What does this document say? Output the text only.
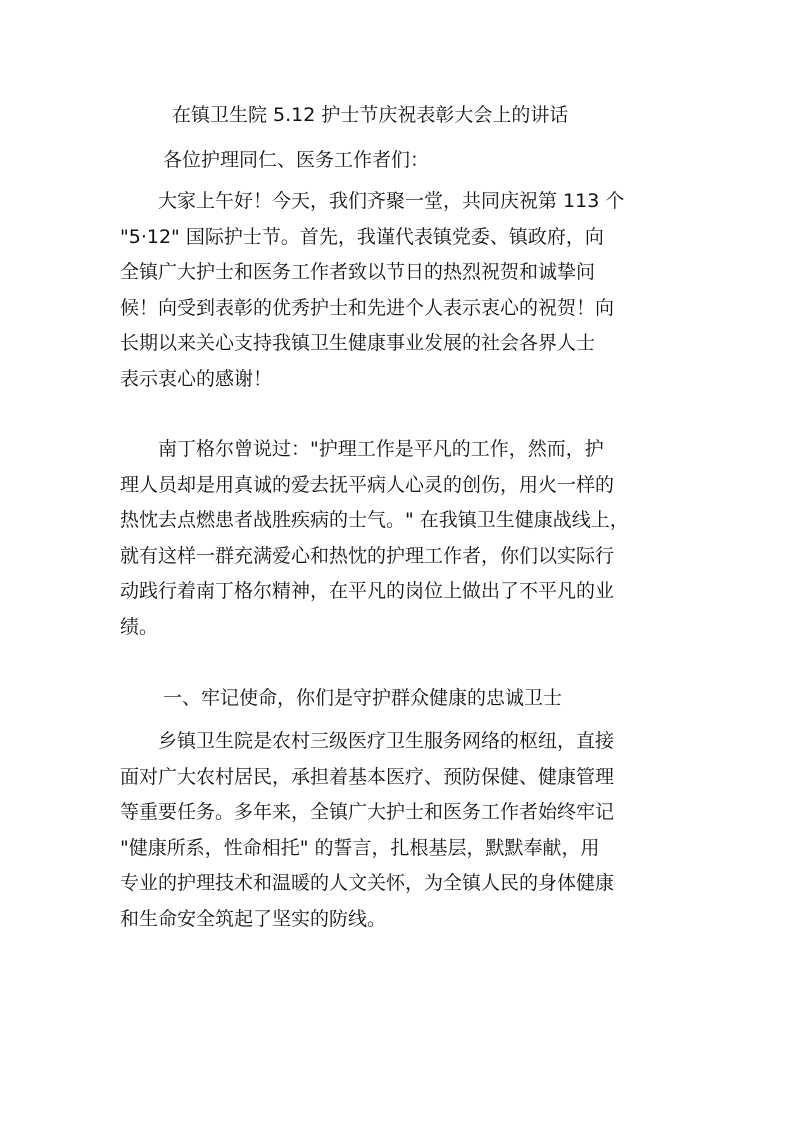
在镇卫生院 5.12 护士节庆祝表彰大会上的讲话
各位护理同仁、医务工作者们：
　　大家上午好！今天，我们齐聚一堂，共同庆祝第 113 个
"5·12" 国际护士节。首先，我谨代表镇党委、镇政府，向
全镇广大护士和医务工作者致以节日的热烈祝贺和诚挚问
候！向受到表彰的优秀护士和先进个人表示衷心的祝贺！向
长期以来关心支持我镇卫生健康事业发展的社会各界人士
表示衷心的感谢！
　　南丁格尔曾说过："护理工作是平凡的工作，然而，护
理人员却是用真诚的爱去抚平病人心灵的创伤，用火一样的
热忱去点燃患者战胜疾病的士气。" 在我镇卫生健康战线上，
就有这样一群充满爱心和热忱的护理工作者，你们以实际行
动践行着南丁格尔精神，在平凡的岗位上做出了不平凡的业
绩。
一、牢记使命，你们是守护群众健康的忠诚卫士
　　乡镇卫生院是农村三级医疗卫生服务网络的枢纽，直接
面对广大农村居民，承担着基本医疗、预防保健、健康管理
等重要任务。多年来，全镇广大护士和医务工作者始终牢记
"健康所系，性命相托" 的誓言，扎根基层，默默奉献，用
专业的护理技术和温暖的人文关怀，为全镇人民的身体健康
和生命安全筑起了坚实的防线。
